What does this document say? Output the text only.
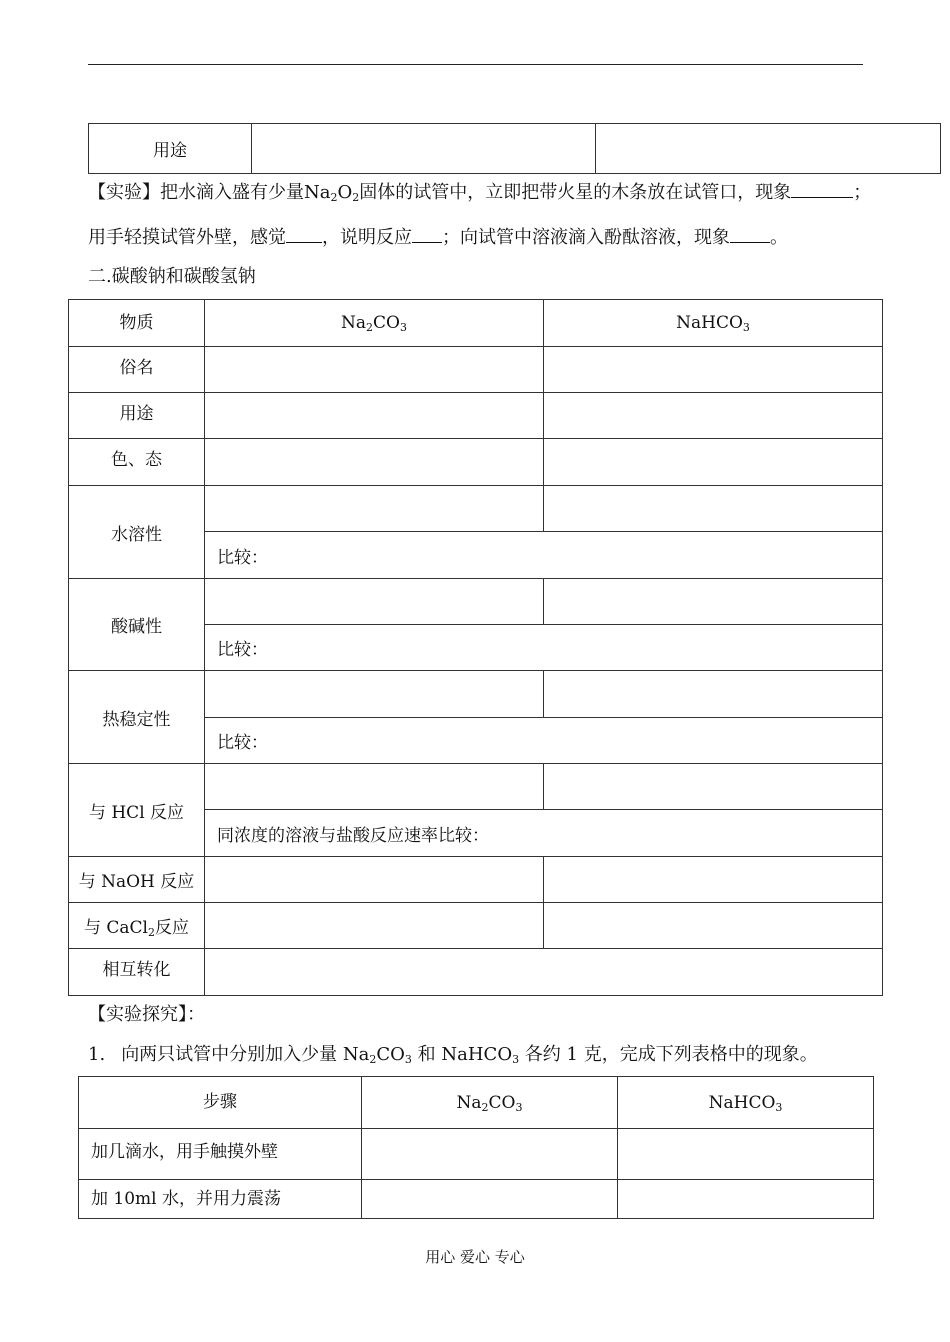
用途		
【实验】把水滴入盛有少量$Na_2O_2$固体的试管中，立即把带火星的木条放在试管口，现象	；
用手轻摸试管外壁，感觉 ，说明反应 ；向试管中溶液滴入酚酞溶液，现象 。
二.碳酸钠和碳酸氢钠
物质	$Na_2CO_3$	NaHCO$_3$
俗名		
用途		
色、态		
水溶性		
	比较：	
酸碱性		
	比较：	
热稳定性		
	比较：	
与 HCl 反应		
	同浓度的溶液与盐酸反应速率比较：	
与 NaOH 反应		
与 CaCl$_2$反应		
相互转化		
【实验探究】：
1. 向两只试管中分别加入少量 $Na_2CO_3$ 和 NaHCO$_3$ 各约 1 克，完成下列表格中的现象。
步骤	$Na_2CO_3$	NaHCO$_3$
加几滴水，用手触摸外壁		
加 10ml 水，并用力震荡		
用心 爱心 专心
